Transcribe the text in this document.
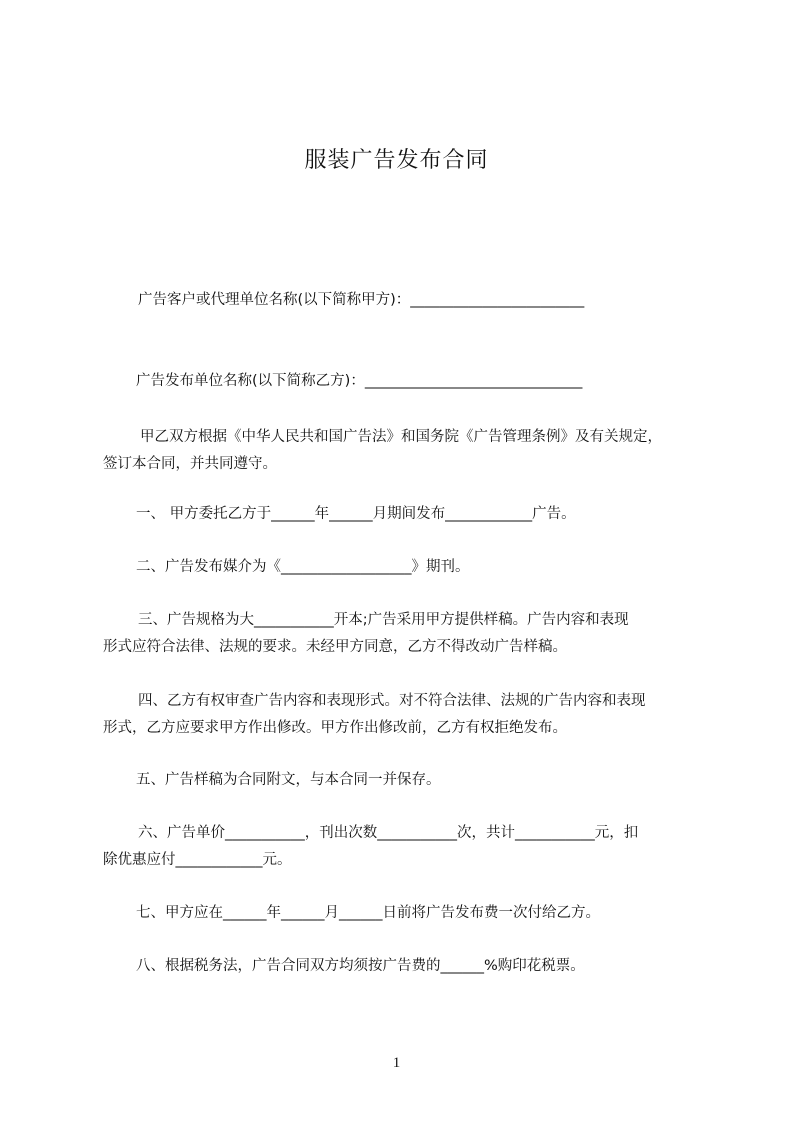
服装广告发布合同
广告客户或代理单位名称(以下简称甲方)：________________________
广告发布单位名称(以下简称乙方)：______________________________
甲乙双方根据《中华人民共和国广告法》和国务院《广告管理条例》及有关规定，
签订本合同，并共同遵守。
一、 甲方委托乙方于______年______月期间发布____________广告。
二、广告发布媒介为《__________________》期刊。
三、广告规格为大___________开本;广告采用甲方提供样稿。广告内容和表现
形式应符合法律、法规的要求。未经甲方同意，乙方不得改动广告样稿。
四、乙方有权审查广告内容和表现形式。对不符合法律、法规的广告内容和表现
形式，乙方应要求甲方作出修改。甲方作出修改前，乙方有权拒绝发布。
五、广告样稿为合同附文，与本合同一并保存。
六、广告单价___________，刊出次数___________次，共计___________元，扣
除优惠应付____________元。
七、甲方应在______年______月______日前将广告发布费一次付给乙方。
八、根据税务法，广告合同双方均须按广告费的______%购印花税票。
1
